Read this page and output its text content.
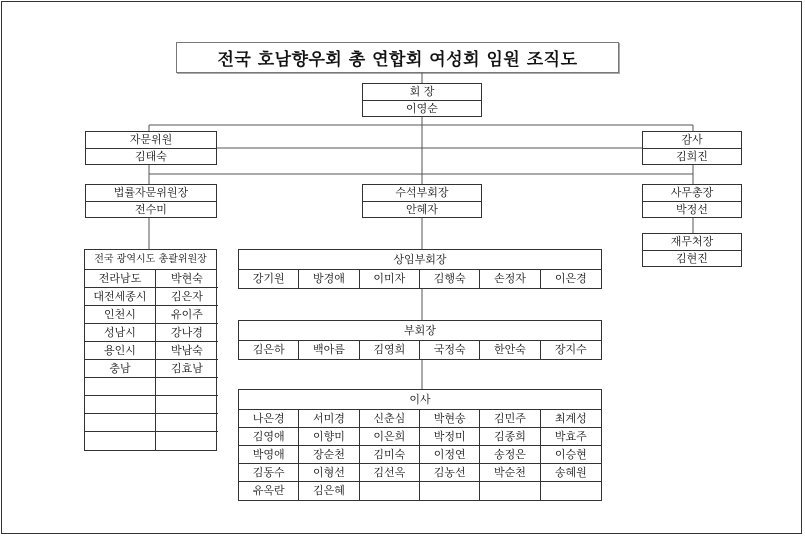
전국 호남향우회 총 연합회 여성회 임원 조직도
회 장
이영순
자문위원
김태숙
감사
김희진
법률자문위원장
전수미
수석부회장
안혜자
사무총장
박정선
재무처장
김현진
전국 광역시도 총괄위원장
전라남도	박현숙
대전세종시	김은자
인천시	유이주
성남시	강나경
용인시	박남숙
충남	김효남
상임부회장
강기원	방경애	이미자	김행숙	손정자	이은경
부회장
김은하	백아름	김영희	국정숙	한안숙	장지수
이사
나은경	서미경	신춘심	박현송	김민주	최계성
김영애	이향미	이은희	박정미	김종희	박효주
박영애	장순천	김미숙	이정연	송정은	이승현
김동수	이형선	김선옥	김농선	박순천	송혜원
유옥란	김은혜
